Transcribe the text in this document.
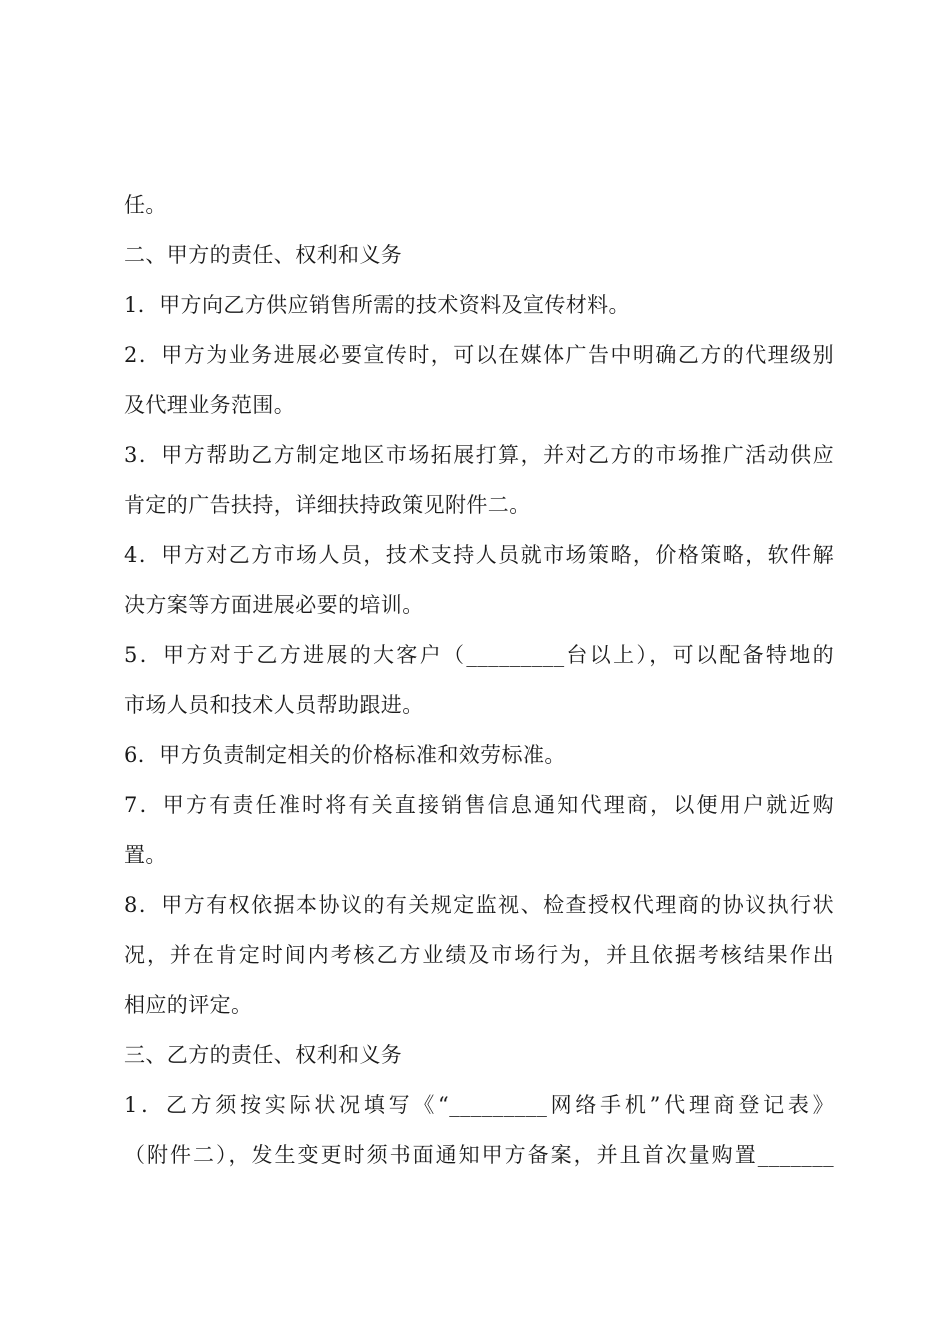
任。
二、甲方的责任、权利和义务
1．甲方向乙方供应销售所需的技术资料及宣传材料。
2．甲方为业务进展必要宣传时，可以在媒体广告中明确乙方的代理级别
及代理业务范围。
3．甲方帮助乙方制定地区市场拓展打算，并对乙方的市场推广活动供应
肯定的广告扶持，详细扶持政策见附件二。
4．甲方对乙方市场人员，技术支持人员就市场策略，价格策略，软件解
决方案等方面进展必要的培训。
5．甲方对于乙方进展的大客户（_________台以上），可以配备特地的
市场人员和技术人员帮助跟进。
6．甲方负责制定相关的价格标准和效劳标准。
7．甲方有责任准时将有关直接销售信息通知代理商，以便用户就近购
置。
8．甲方有权依据本协议的有关规定监视、检查授权代理商的协议执行状
况，并在肯定时间内考核乙方业绩及市场行为，并且依据考核结果作出
相应的评定。
三、乙方的责任、权利和义务
1．乙方须按实际状况填写《“_________网络手机”代理商登记表》
（附件二），发生变更时须书面通知甲方备案，并且首次量购置_______
